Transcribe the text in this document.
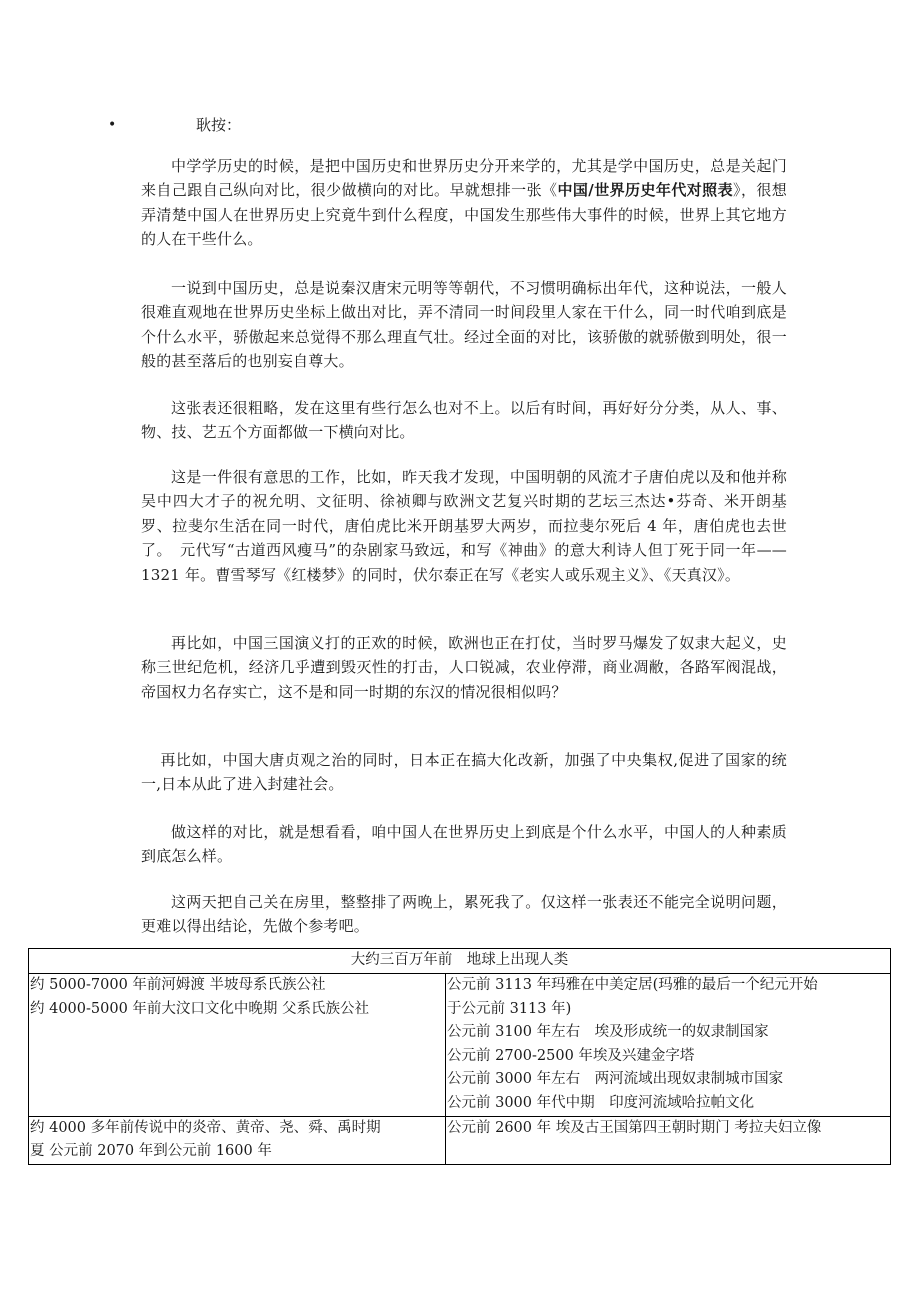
•	耿按：

中学学历史的时候，是把中国历史和世界历史分开来学的，尤其是学中国历史，总是关起门来自己跟自己纵向对比，很少做横向的对比。早就想排一张《中国/世界历史年代对照表》，很想弄清楚中国人在世界历史上究竟牛到什么程度，中国发生那些伟大事件的时候，世界上其它地方的人在干些什么。

一说到中国历史，总是说秦汉唐宋元明等等朝代，不习惯明确标出年代，这种说法，一般人很难直观地在世界历史坐标上做出对比，弄不清同一时间段里人家在干什么，同一时代咱到底是个什么水平，骄傲起来总觉得不那么理直气壮。经过全面的对比，该骄傲的就骄傲到明处，很一般的甚至落后的也别妄自尊大。

这张表还很粗略，发在这里有些行怎么也对不上。以后有时间，再好好分分类，从人、事、物、技、艺五个方面都做一下横向对比。

这是一件很有意思的工作，比如，昨天我才发现，中国明朝的风流才子唐伯虎以及和他并称吴中四大才子的祝允明、文征明、徐祯卿与欧洲文艺复兴时期的艺坛三杰达•芬奇、米开朗基罗、拉斐尔生活在同一时代，唐伯虎比米开朗基罗大两岁，而拉斐尔死后 4 年，唐伯虎也去世了。　元代写“古道西风瘦马”的杂剧家马致远，和写《神曲》的意大利诗人但丁死于同一年——1321 年。曹雪琴写《红楼梦》的同时，伏尔泰正在写《老实人或乐观主义》、《天真汉》。

再比如，中国三国演义打的正欢的时候，欧洲也正在打仗，当时罗马爆发了奴隶大起义，史称三世纪危机，经济几乎遭到毁灭性的打击，人口锐减，农业停滞，商业凋敝，各路军阀混战，帝国权力名存实亡，这不是和同一时期的东汉的情况很相似吗？

再比如，中国大唐贞观之治的同时，日本正在搞大化改新，加强了中央集权,促进了国家的统一,日本从此了进入封建社会。

做这样的对比，就是想看看，咱中国人在世界历史上到底是个什么水平，中国人的人种素质到底怎么样。

这两天把自己关在房里，整整排了两晚上，累死我了。仅这样一张表还不能完全说明问题，更难以得出结论，先做个参考吧。

大约三百万年前　地球上出现人类
约 5000-7000 年前河姆渡 半坡母系氏族公社
约 4000-5000 年前大汶口文化中晚期 父系氏族公社
公元前 3113 年玛雅在中美定居(玛雅的最后一个纪元开始
于公元前 3113 年)
公元前 3100 年左右　埃及形成统一的奴隶制国家
公元前 2700-2500 年埃及兴建金字塔
公元前 3000 年左右　两河流域出现奴隶制城市国家
公元前 3000 年代中期　印度河流域哈拉帕文化
约 4000 多年前传说中的炎帝、黄帝、尧、舜、禹时期
夏 公元前 2070 年到公元前 1600 年
公元前 2600 年 埃及古王国第四王朝时期门 考拉夫妇立像
